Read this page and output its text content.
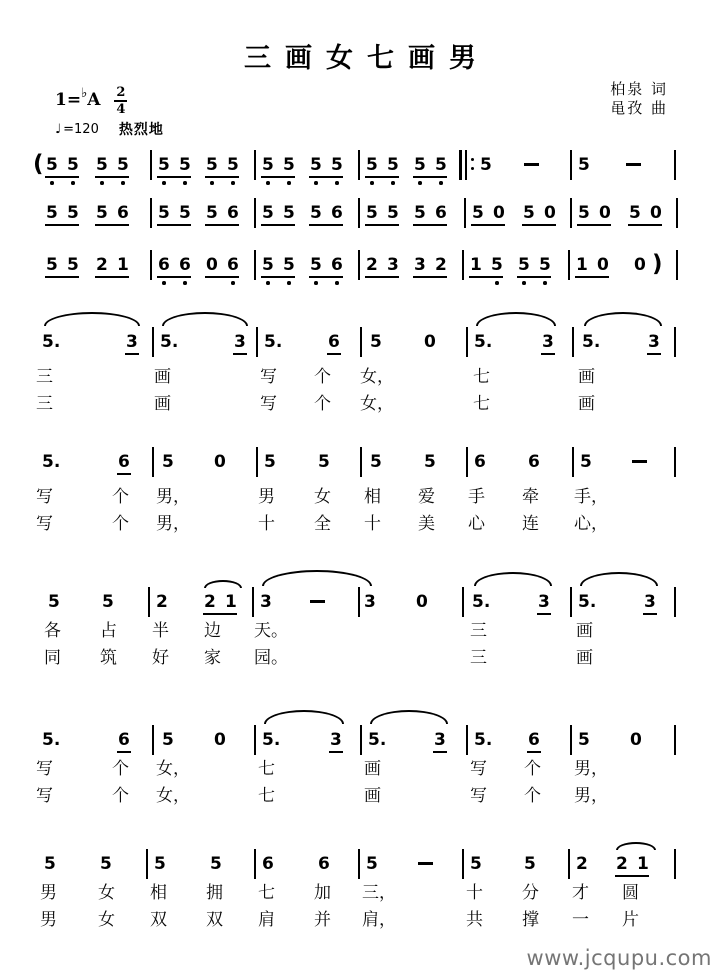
三画女七画男
柏泉 词
黾孜 曲
1= ♭ A $\frac{2}{4}$
♩ =120 热烈地
www.jcqupu.com
( 5 5 5 5 5 5 5 5 5 5 5 5 5 5 5 5 5	5
5 5 5 6 5 5 5 6 5 5 5 6 5 5 5 6 5 0 5 0 5 0 5 0
5 5 2 1 6 6 0 6 5 5 5 6 2 3 3 2 1 5 5 5 1 0 0 )
5.	3	5.	3	5.	6	5	0	5.	3	5.	3
三	画	写 个 女，	七	画
三	画	写 个 女，	七	画
5.	6	5	0	5	5	5	5	6	6	5
写	个 男，	男 女 相 爱 手 牵 手，
写	个 男，	十 全 十 美 心 连 心，
5	5	2	2 1 3	3	0	5.	3	5.	3
各 占 半 边 天。	三	画
同 筑 好 家 园。	三	画
5.	6	5	0	5.	3	5.	3	5.	6	5	0
写	个 女，	七	画	写 个 男，
写	个 女，	七	画	写 个 男，
5	5	5	5	6	6	5	5	5	2	2 1
男 女 相 拥 七 加 三，	十 分 才 圆
男 女 双 双 肩 并 肩，	共 撑 一 片
